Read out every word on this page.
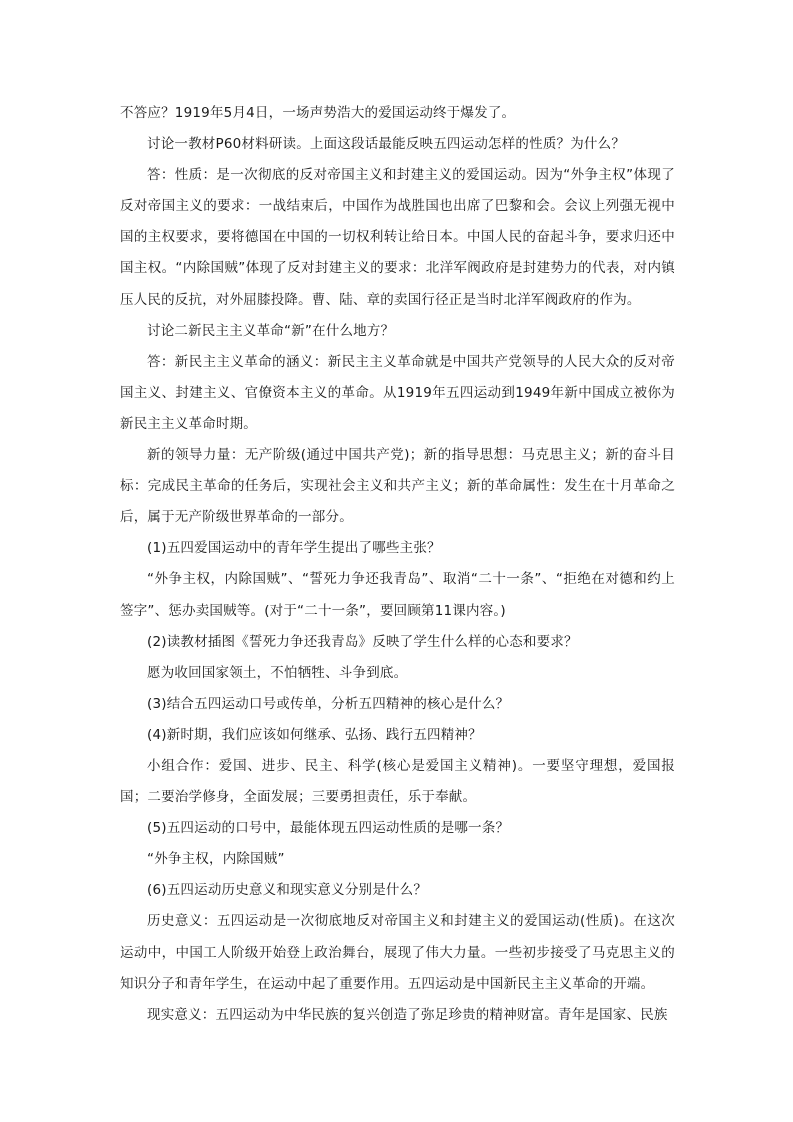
不答应？1919年5月4日，一场声势浩大的爱国运动终于爆发了。

讨论一教材P60材料研读。上面这段话最能反映五四运动怎样的性质？为什么？

答：性质：是一次彻底的反对帝国主义和封建主义的爱国运动。因为“外争主权”体现了反对帝国主义的要求：一战结束后，中国作为战胜国也出席了巴黎和会。会议上列强无视中国的主权要求，要将德国在中国的一切权利转让给日本。中国人民的奋起斗争，要求归还中国主权。“内除国贼”体现了反对封建主义的要求：北洋军阀政府是封建势力的代表，对内镇压人民的反抗，对外屈膝投降。曹、陆、章的卖国行径正是当时北洋军阀政府的作为。

讨论二新民主主义革命“新”在什么地方？

答：新民主主义革命的涵义：新民主主义革命就是中国共产党领导的人民大众的反对帝国主义、封建主义、官僚资本主义的革命。从1919年五四运动到1949年新中国成立被你为新民主主义革命时期。

新的领导力量：无产阶级(通过中国共产党)；新的指导思想：马克思主义；新的奋斗目标：完成民主革命的任务后，实现社会主义和共产主义；新的革命属性：发生在十月革命之后，属于无产阶级世界革命的一部分。

(1)五四爱国运动中的青年学生提出了哪些主张？

“外争主权，内除国贼”、“誓死力争还我青岛”、取消“二十一条”、“拒绝在对德和约上签字”、惩办卖国贼等。(对于“二十一条”，要回顾第11课内容。)

(2)读教材插图《誓死力争还我青岛》反映了学生什么样的心态和要求？

愿为收回国家领土，不怕牺牲、斗争到底。

(3)结合五四运动口号或传单，分析五四精神的核心是什么？

(4)新时期，我们应该如何继承、弘扬、践行五四精神？

小组合作：爱国、进步、民主、科学(核心是爱国主义精神)。一要坚守理想，爱国报国；二要治学修身，全面发展；三要勇担责任，乐于奉献。

(5)五四运动的口号中，最能体现五四运动性质的是哪一条？

“外争主权，内除国贼”

(6)五四运动历史意义和现实意义分别是什么？

历史意义：五四运动是一次彻底地反对帝国主义和封建主义的爱国运动(性质)。在这次运动中，中国工人阶级开始登上政治舞台，展现了伟大力量。一些初步接受了马克思主义的知识分子和青年学生，在运动中起了重要作用。五四运动是中国新民主主义革命的开端。

现实意义：五四运动为中华民族的复兴创造了弥足珍贵的精神财富。青年是国家、民族
